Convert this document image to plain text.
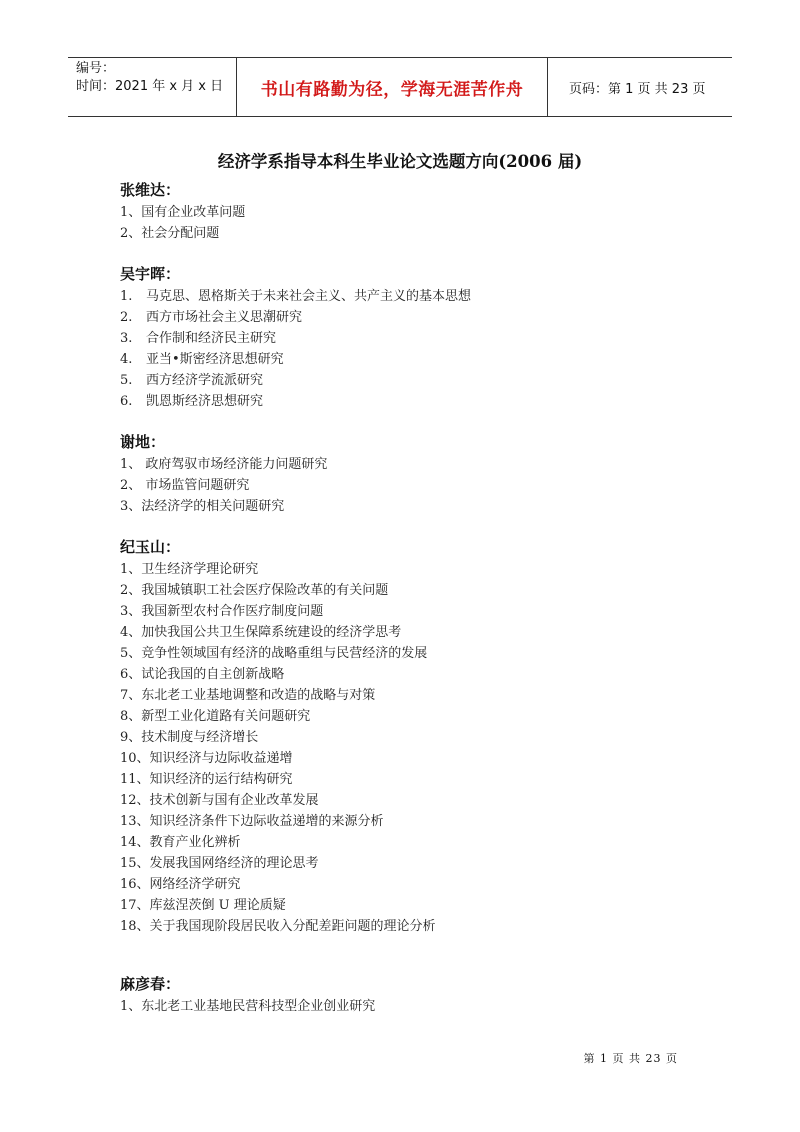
编号：
时间：2021 年 x 月 x 日	书山有路勤为径，学海无涯苦作舟	页码：第 1 页 共 23 页
经济学系指导本科生毕业论文选题方向(2006 届)
张维达：
1、国有企业改革问题
2、社会分配问题
吴宇晖：
1. 马克思、恩格斯关于未来社会主义、共产主义的基本思想
2. 西方市场社会主义思潮研究
3. 合作制和经济民主研究
4. 亚当•斯密经济思想研究
5. 西方经济学流派研究
6. 凯恩斯经济思想研究
谢地：
1、 政府驾驭市场经济能力问题研究
2、 市场监管问题研究
3、法经济学的相关问题研究
纪玉山：
1、卫生经济学理论研究
2、我国城镇职工社会医疗保险改革的有关问题
3、我国新型农村合作医疗制度问题
4、加快我国公共卫生保障系统建设的经济学思考
5、竞争性领域国有经济的战略重组与民营经济的发展
6、试论我国的自主创新战略
7、东北老工业基地调整和改造的战略与对策
8、新型工业化道路有关问题研究
9、技术制度与经济增长
10、知识经济与边际收益递增
11、知识经济的运行结构研究
12、技术创新与国有企业改革发展
13、知识经济条件下边际收益递增的来源分析
14、教育产业化辨析
15、发展我国网络经济的理论思考
16、网络经济学研究
17、库兹涅茨倒 U 理论质疑
18、关于我国现阶段居民收入分配差距问题的理论分析
麻彦春：
1、东北老工业基地民营科技型企业创业研究
第 1 页 共 23 页
